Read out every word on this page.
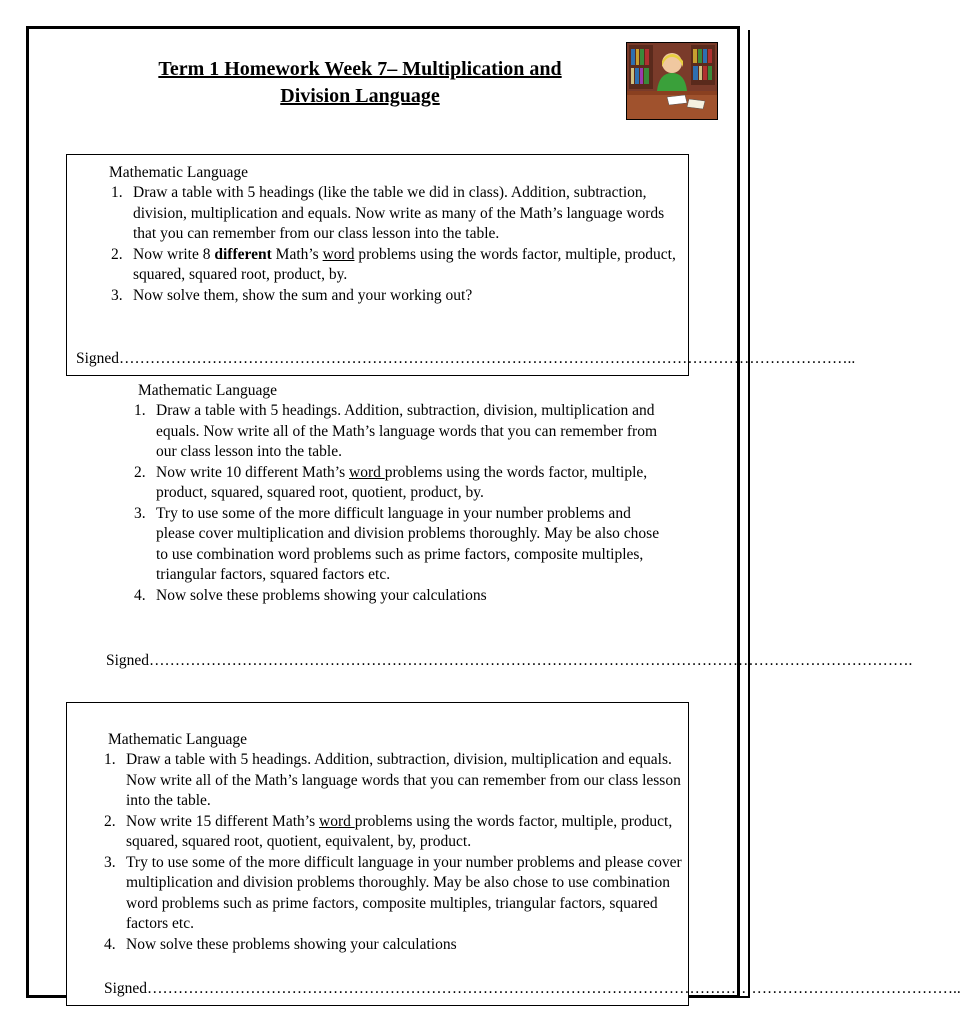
Term 1 Homework Week 7– Multiplication and
Division Language

Mathematic Language

1. Draw a table with 5 headings (like the table we did in class). Addition, subtraction, division, multiplication and equals. Now write as many of the Math’s language words that you can remember from our class lesson into the table.
2. Now write 8 different Math’s word problems using the words factor, multiple, product, squared, squared root, product, by.
3. Now solve them, show the sum and your working out?

Signed……………………………………………………………………………………………………………………………..

Mathematic Language

1. Draw a table with 5 headings. Addition, subtraction, division, multiplication and equals. Now write all of the Math’s language words that you can remember from our class lesson into the table.
2. Now write 10 different Math’s word problems using the words factor, multiple, product, squared, squared root, quotient, product, by.
3. Try to use some of the more difficult language in your number problems and please cover multiplication and division problems thoroughly. May be also chose to use combination word problems such as prime factors, composite multiples, triangular factors, squared factors etc.
4. Now solve these problems showing your calculations

Signed………………………………………………………………………………………………………………………………….

Mathematic Language

1. Draw a table with 5 headings. Addition, subtraction, division, multiplication and equals. Now write all of the Math’s language words that you can remember from our class lesson into the table.
2. Now write 15 different Math’s word problems using the words factor, multiple, product, squared, squared root, quotient, equivalent, by, product.
3. Try to use some of the more difficult language in your number problems and please cover multiplication and division problems thoroughly. May be also chose to use combination word problems such as prime factors, composite multiples, triangular factors, squared factors etc.
4. Now solve these problems showing your calculations

Signed…………………………………………………………………………………………………………………………………………..
